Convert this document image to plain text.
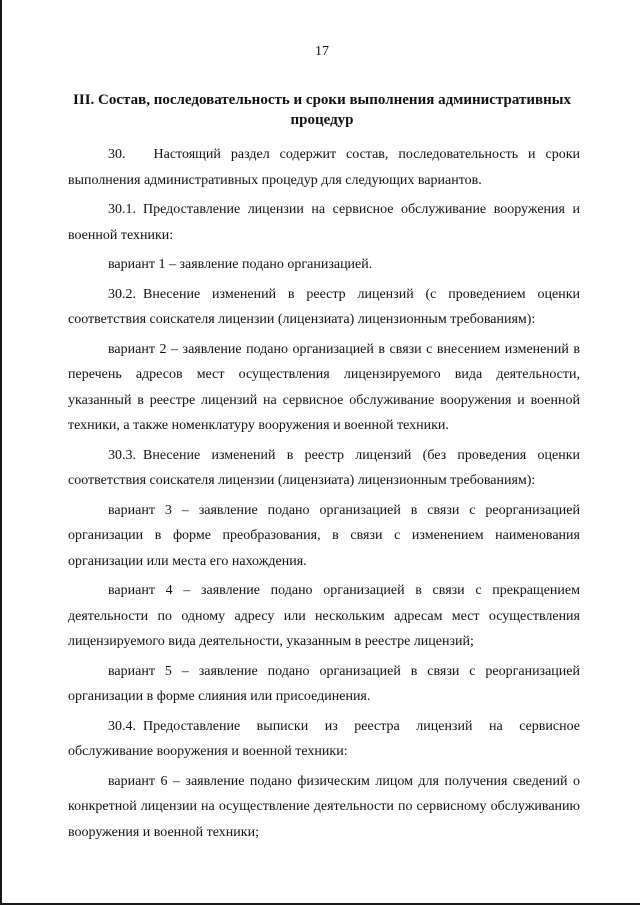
17
III. Состав, последовательность и сроки выполнения административных процедур

30.  Настоящий раздел содержит состав, последовательность и сроки выполнения административных процедур для следующих вариантов.

30.1. Предоставление лицензии на сервисное обслуживание вооружения и военной техники:

вариант 1 – заявление подано организацией.

30.2. Внесение изменений в реестр лицензий (с проведением оценки соответствия соискателя лицензии (лицензиата) лицензионным требованиям):

вариант 2 – заявление подано организацией в связи с внесением изменений в перечень адресов мест осуществления лицензируемого вида деятельности, указанный в реестре лицензий на сервисное обслуживание вооружения и военной техники, а также номенклатуру вооружения и военной техники.

30.3. Внесение изменений в реестр лицензий (без проведения оценки соответствия соискателя лицензии (лицензиата) лицензионным требованиям):

вариант 3 – заявление подано организацией в связи с реорганизацией организации в форме преобразования, в связи с изменением наименования организации или места его нахождения.

вариант 4 – заявление подано организацией в связи с прекращением деятельности по одному адресу или нескольким адресам мест осуществления лицензируемого вида деятельности, указанным в реестре лицензий;

вариант 5 – заявление подано организацией в связи с реорганизацией организации в форме слияния или присоединения.

30.4. Предоставление выписки из реестра лицензий на сервисное обслуживание вооружения и военной техники:

вариант 6 – заявление подано физическим лицом для получения сведений о конкретной лицензии на осуществление деятельности по сервисному обслуживанию вооружения и военной техники;
